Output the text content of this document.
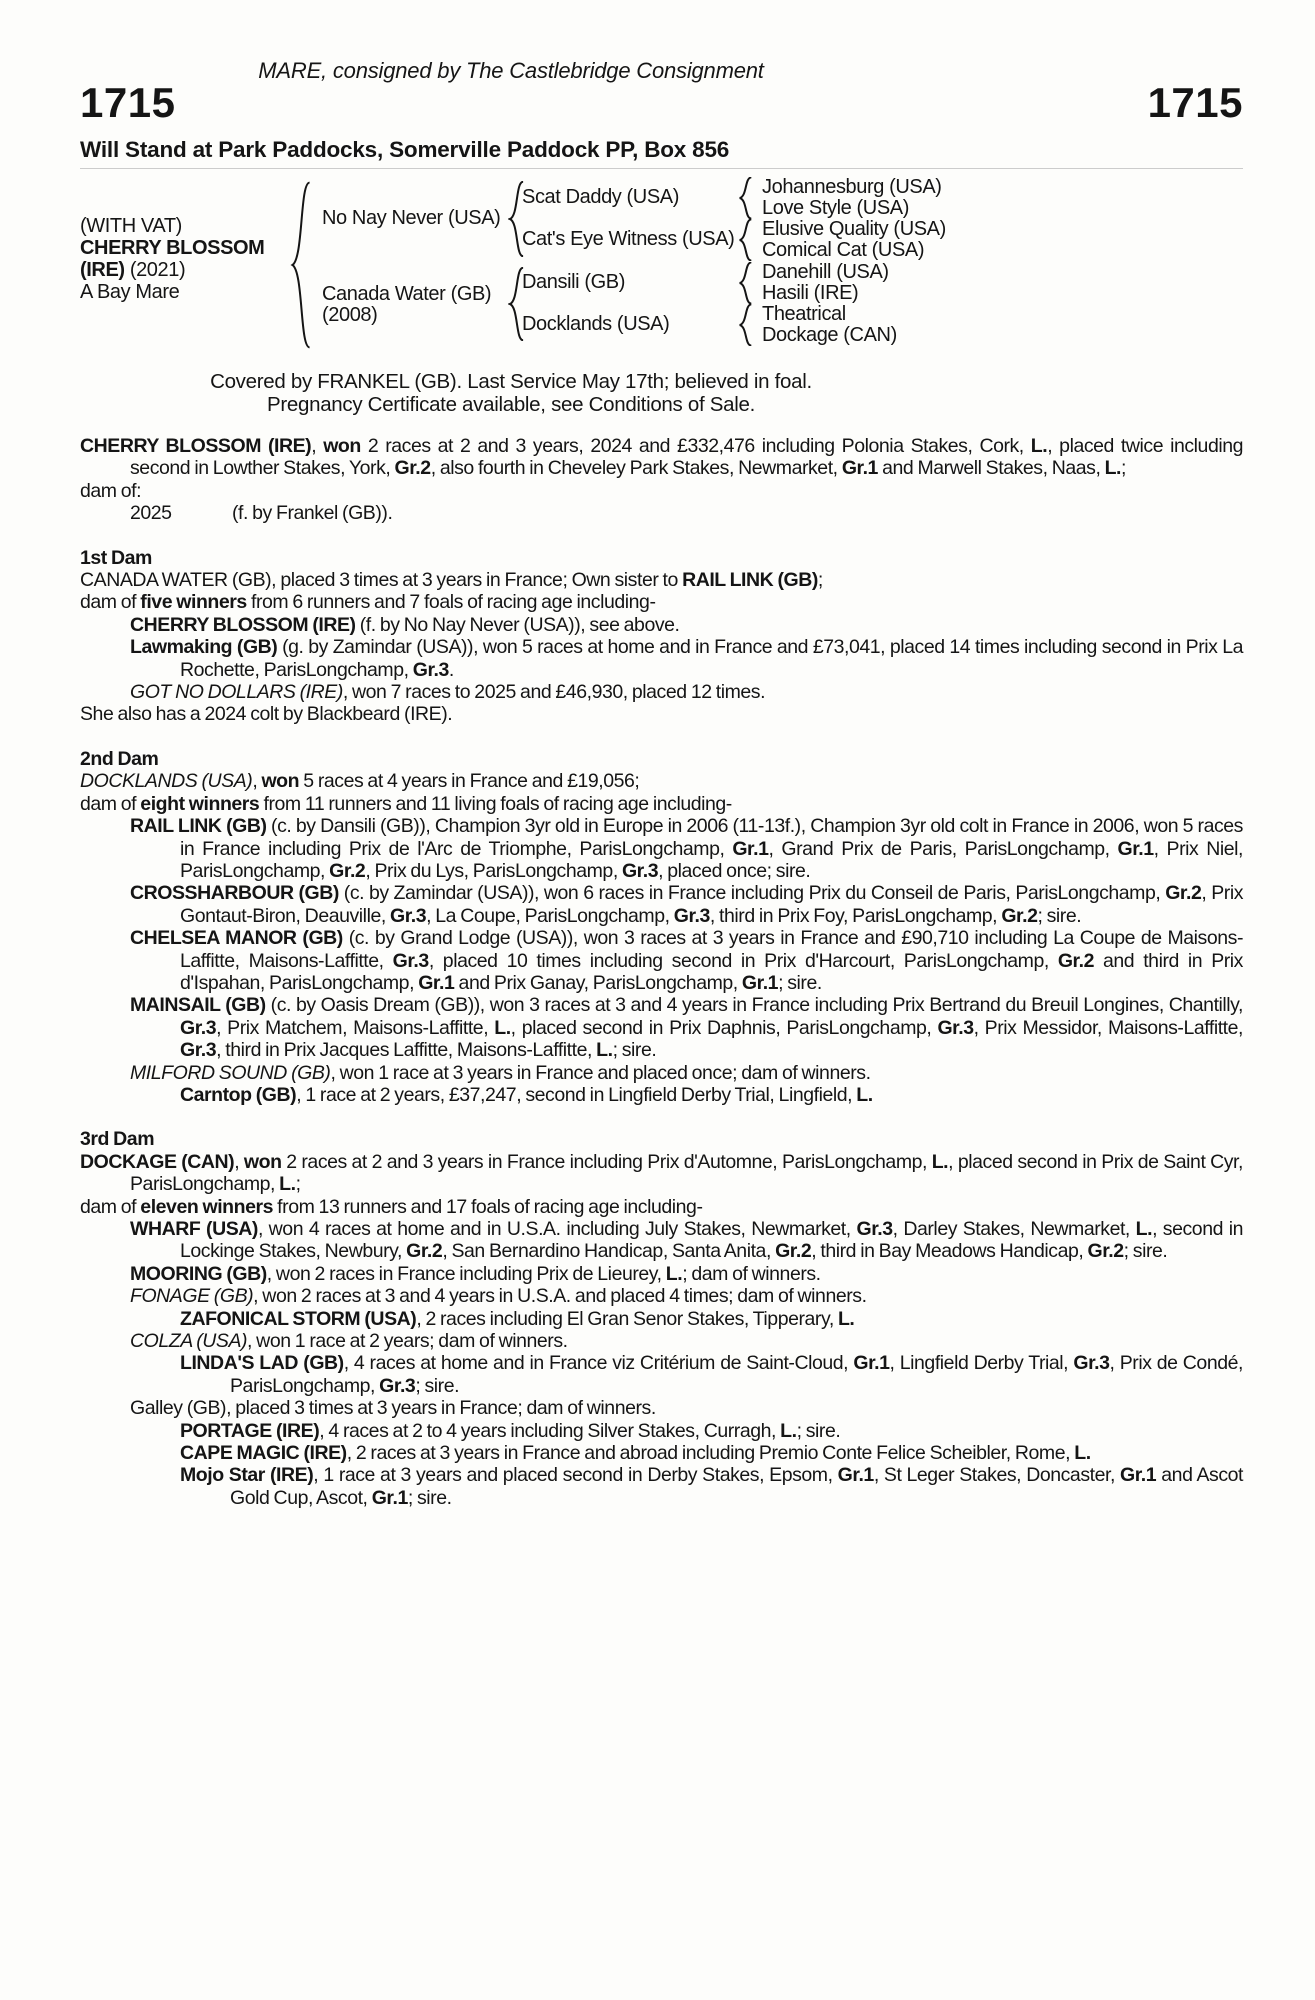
MARE, consigned by The Castlebridge Consignment
1715	1715
Will Stand at Park Paddocks, Somerville Paddock PP, Box 856
(WITH VAT)
CHERRY BLOSSOM
(IRE) (2021)
A Bay Mare
No Nay Never (USA)
Canada Water (GB)
(2008)
Scat Daddy (USA)
Cat's Eye Witness (USA)
Dansili (GB)
Docklands (USA)
Johannesburg (USA)
Love Style (USA)
Elusive Quality (USA)
Comical Cat (USA)
Danehill (USA)
Hasili (IRE)
Theatrical
Dockage (CAN)
Covered by FRANKEL (GB). Last Service May 17th; believed in foal.
Pregnancy Certificate available, see Conditions of Sale.
CHERRY BLOSSOM (IRE), won 2 races at 2 and 3 years, 2024 and £332,476 including Polonia Stakes, Cork, L., placed twice including second in Lowther Stakes, York, Gr.2, also fourth in Cheveley Park Stakes, Newmarket, Gr.1 and Marwell Stakes, Naas, L.;
dam of:
2025	(f. by Frankel (GB)).
1st Dam
CANADA WATER (GB), placed 3 times at 3 years in France; Own sister to RAIL LINK (GB);
dam of five winners from 6 runners and 7 foals of racing age including-
CHERRY BLOSSOM (IRE) (f. by No Nay Never (USA)), see above.
Lawmaking (GB) (g. by Zamindar (USA)), won 5 races at home and in France and £73,041, placed 14 times including second in Prix La Rochette, ParisLongchamp, Gr.3.
GOT NO DOLLARS (IRE), won 7 races to 2025 and £46,930, placed 12 times.
She also has a 2024 colt by Blackbeard (IRE).
2nd Dam
DOCKLANDS (USA), won 5 races at 4 years in France and £19,056;
dam of eight winners from 11 runners and 11 living foals of racing age including-
RAIL LINK (GB) (c. by Dansili (GB)), Champion 3yr old in Europe in 2006 (11-13f.), Champion 3yr old colt in France in 2006, won 5 races in France including Prix de l'Arc de Triomphe, ParisLongchamp, Gr.1, Grand Prix de Paris, ParisLongchamp, Gr.1, Prix Niel, ParisLongchamp, Gr.2, Prix du Lys, ParisLongchamp, Gr.3, placed once; sire.
CROSSHARBOUR (GB) (c. by Zamindar (USA)), won 6 races in France including Prix du Conseil de Paris, ParisLongchamp, Gr.2, Prix Gontaut-Biron, Deauville, Gr.3, La Coupe, ParisLongchamp, Gr.3, third in Prix Foy, ParisLongchamp, Gr.2; sire.
CHELSEA MANOR (GB) (c. by Grand Lodge (USA)), won 3 races at 3 years in France and £90,710 including La Coupe de Maisons-Laffitte, Maisons-Laffitte, Gr.3, placed 10 times including second in Prix d'Harcourt, ParisLongchamp, Gr.2 and third in Prix d'Ispahan, ParisLongchamp, Gr.1 and Prix Ganay, ParisLongchamp, Gr.1; sire.
MAINSAIL (GB) (c. by Oasis Dream (GB)), won 3 races at 3 and 4 years in France including Prix Bertrand du Breuil Longines, Chantilly, Gr.3, Prix Matchem, Maisons-Laffitte, L., placed second in Prix Daphnis, ParisLongchamp, Gr.3, Prix Messidor, Maisons-Laffitte, Gr.3, third in Prix Jacques Laffitte, Maisons-Laffitte, L.; sire.
MILFORD SOUND (GB), won 1 race at 3 years in France and placed once; dam of winners.
Carntop (GB), 1 race at 2 years, £37,247, second in Lingfield Derby Trial, Lingfield, L.
3rd Dam
DOCKAGE (CAN), won 2 races at 2 and 3 years in France including Prix d'Automne, ParisLongchamp, L., placed second in Prix de Saint Cyr, ParisLongchamp, L.;
dam of eleven winners from 13 runners and 17 foals of racing age including-
WHARF (USA), won 4 races at home and in U.S.A. including July Stakes, Newmarket, Gr.3, Darley Stakes, Newmarket, L., second in Lockinge Stakes, Newbury, Gr.2, San Bernardino Handicap, Santa Anita, Gr.2, third in Bay Meadows Handicap, Gr.2; sire.
MOORING (GB), won 2 races in France including Prix de Lieurey, L.; dam of winners.
FONAGE (GB), won 2 races at 3 and 4 years in U.S.A. and placed 4 times; dam of winners.
ZAFONICAL STORM (USA), 2 races including El Gran Senor Stakes, Tipperary, L.
COLZA (USA), won 1 race at 2 years; dam of winners.
LINDA'S LAD (GB), 4 races at home and in France viz Critérium de Saint-Cloud, Gr.1, Lingfield Derby Trial, Gr.3, Prix de Condé, ParisLongchamp, Gr.3; sire.
Galley (GB), placed 3 times at 3 years in France; dam of winners.
PORTAGE (IRE), 4 races at 2 to 4 years including Silver Stakes, Curragh, L.; sire.
CAPE MAGIC (IRE), 2 races at 3 years in France and abroad including Premio Conte Felice Scheibler, Rome, L.
Mojo Star (IRE), 1 race at 3 years and placed second in Derby Stakes, Epsom, Gr.1, St Leger Stakes, Doncaster, Gr.1 and Ascot Gold Cup, Ascot, Gr.1; sire.
